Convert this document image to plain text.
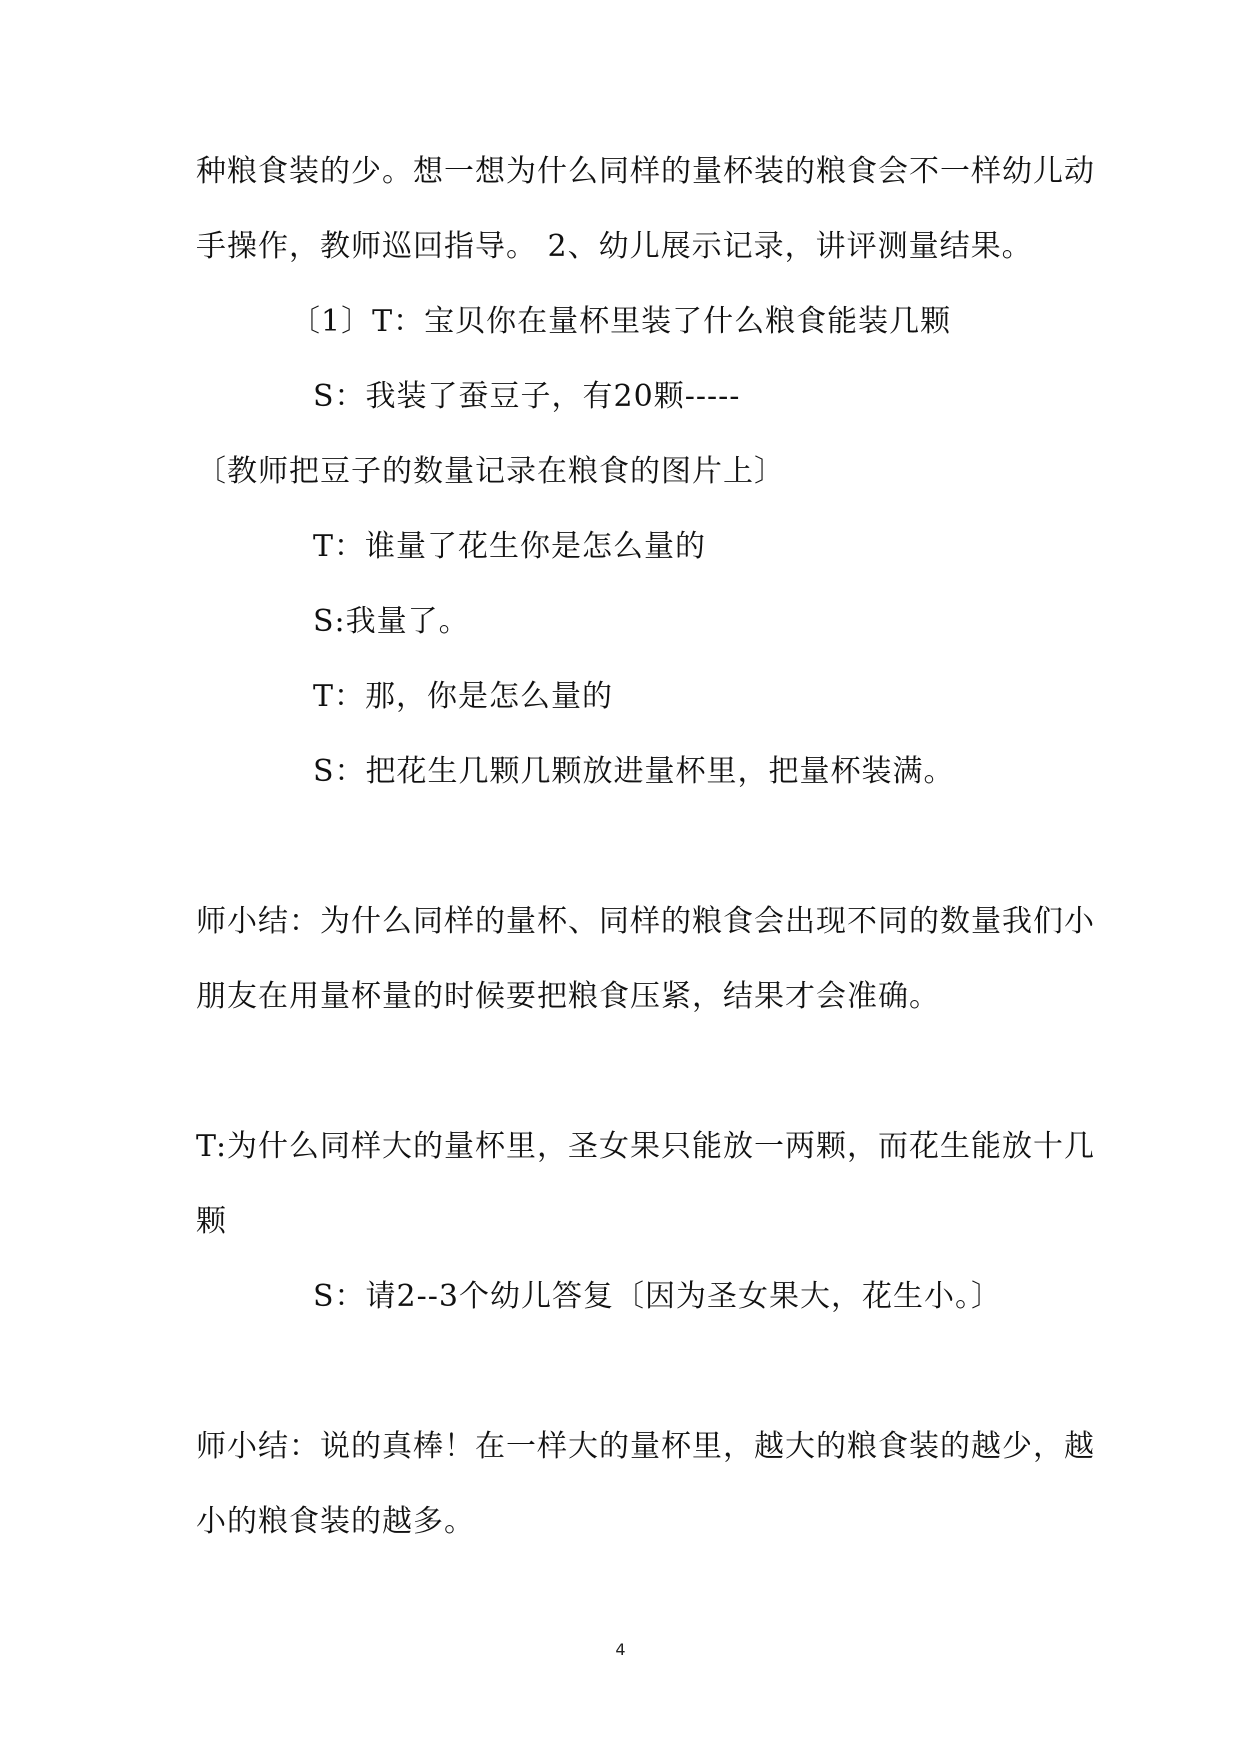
种粮食装的少。想一想为什么同样的量杯装的粮食会不一样幼儿动
手操作，教师巡回指导。 2、幼儿展示记录，讲评测量结果。
〔1〕T：宝贝你在量杯里装了什么粮食能装几颗
S：我装了蚕豆子，有20颗-----
〔教师把豆子的数量记录在粮食的图片上〕
T：谁量了花生你是怎么量的
S:我量了。
T：那，你是怎么量的
S：把花生几颗几颗放进量杯里，把量杯装满。
师小结：为什么同样的量杯、同样的粮食会出现不同的数量我们小
朋友在用量杯量的时候要把粮食压紧，结果才会准确。
T:为什么同样大的量杯里，圣女果只能放一两颗，而花生能放十几
颗
S：请2--3个幼儿答复〔因为圣女果大，花生小。〕
师小结：说的真棒！在一样大的量杯里，越大的粮食装的越少，越
小的粮食装的越多。
4
